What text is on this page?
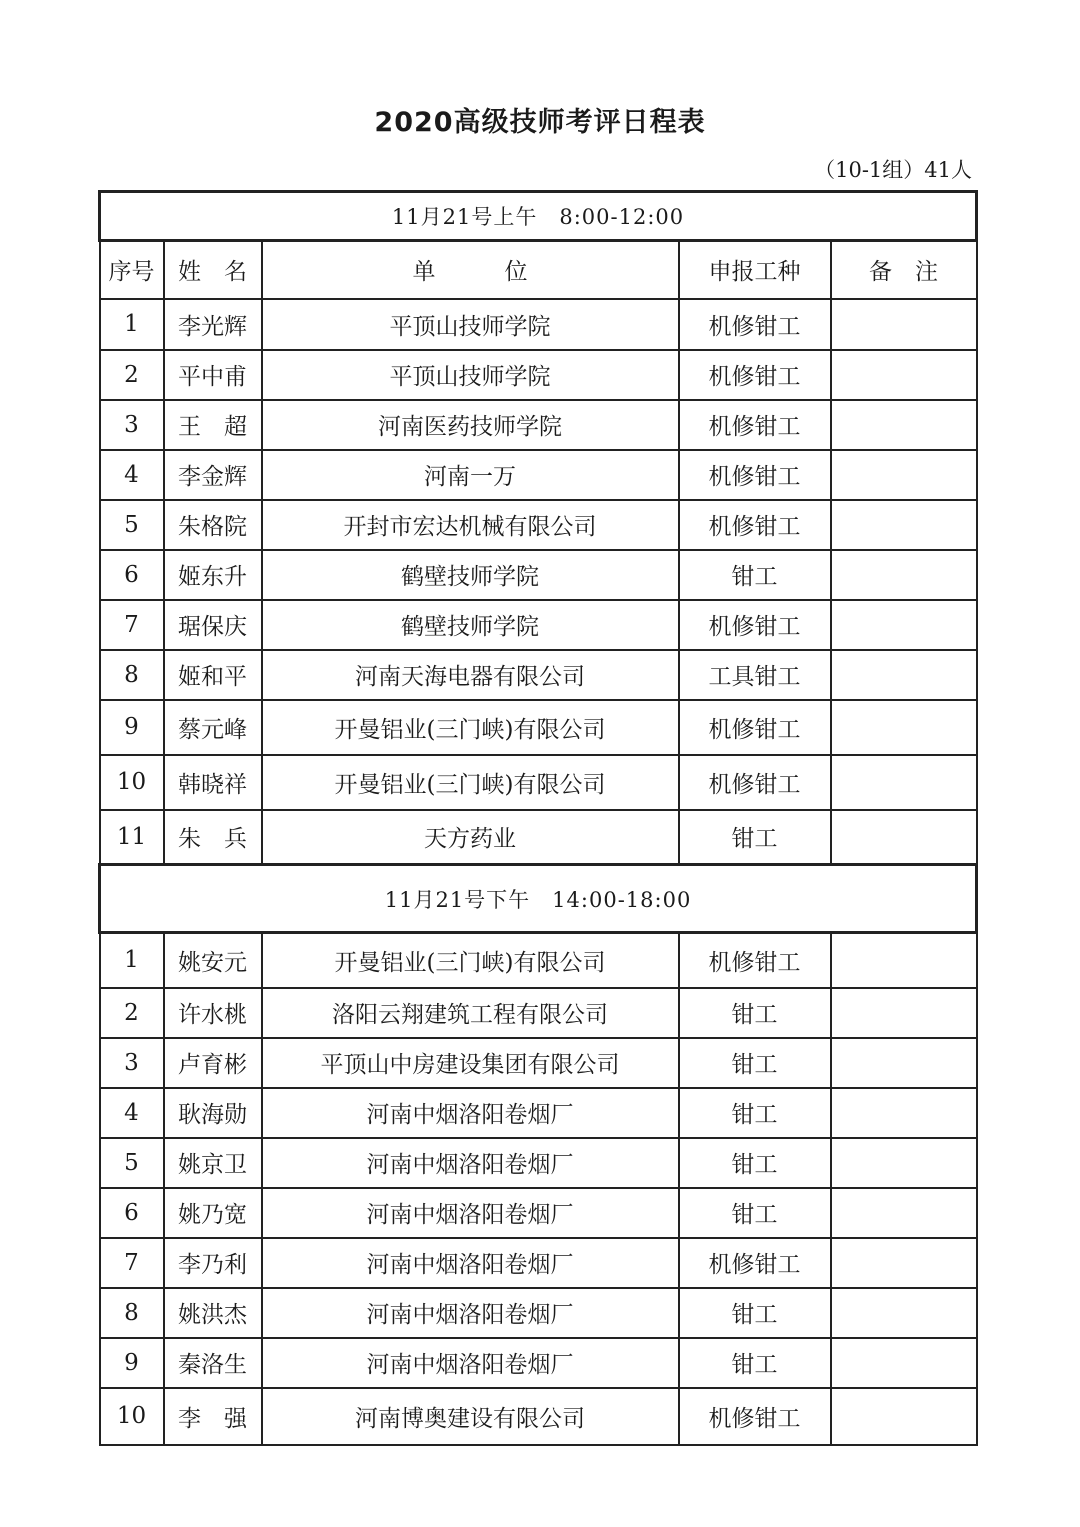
2020高级技师考评日程表
（10-1组）41人
11月21号上午　8:00-12:00				
序号	姓　名	单　　　位	申报工种	备　注
1	李光辉	平顶山技师学院	机修钳工	
2	平中甫	平顶山技师学院	机修钳工	
3	王　超	河南医药技师学院	机修钳工	
4	李金辉	河南一万	机修钳工	
5	朱格院	开封市宏达机械有限公司	机修钳工	
6	姬东升	鹤壁技师学院	钳工	
7	琚保庆	鹤壁技师学院	机修钳工	
8	姬和平	河南天海电器有限公司	工具钳工	
9	蔡元峰	开曼铝业(三门峡)有限公司	机修钳工	
10	韩晓祥	开曼铝业(三门峡)有限公司	机修钳工	
11	朱　兵	天方药业	钳工	
11月21号下午　14:00-18:00				
1	姚安元	开曼铝业(三门峡)有限公司	机修钳工	
2	许水桃	洛阳云翔建筑工程有限公司	钳工	
3	卢育彬	平顶山中房建设集团有限公司	钳工	
4	耿海勋	河南中烟洛阳卷烟厂	钳工	
5	姚京卫	河南中烟洛阳卷烟厂	钳工	
6	姚乃宽	河南中烟洛阳卷烟厂	钳工	
7	李乃利	河南中烟洛阳卷烟厂	机修钳工	
8	姚洪杰	河南中烟洛阳卷烟厂	钳工	
9	秦洛生	河南中烟洛阳卷烟厂	钳工	
10	李　强	河南博奥建设有限公司	机修钳工	
